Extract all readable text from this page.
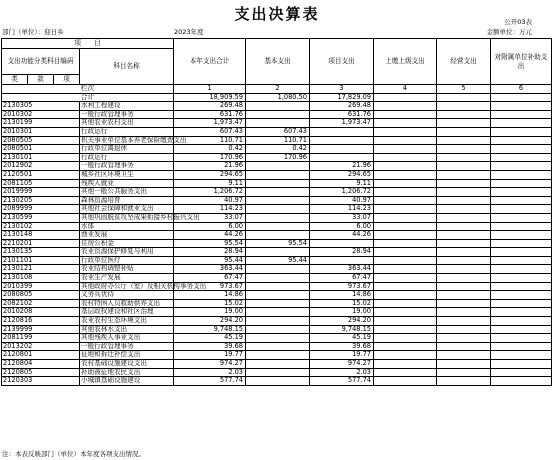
支出决算表	公开03表
部门（单位）：迎日乡	2023年度	金额单位：万元
项　　目				本年支出合计	基本支出	项目支出	上缴上级支出	经营支出	对附属单位补助支出
支出功能分类科目编码			科目名称						
类	款	项							
栏次				1	2	3	4	5	6
合计				18,909.59	1,080.50	17,829.09			
2130305			水利工程建设	269.48		269.48			
2010302			一般行政管理事务	631.76		631.76			
2130199			其他农业农村支出	1,973.47		1,973.47			
2010301			行政运行	607.43	607.43				
2080505			机关事业单位基本养老保险缴费支出	110.71	110.71				
2080501			行政单位离退休	0.42	0.42				
2130101			行政运行	170.96	170.96				
2012902			一般行政管理事务	21.96		21.96			
2120501			城乡社区环境卫生	294.65		294.65			
2081105			残疾人就业	9.11		9.11			
2019999			其他一般公共服务支出	1,206.72		1,206.72			
2130205			森林资源培育	40.97		40.97			
2089999			其他社会保障和就业支出	114.23		114.23			
2130599			其他巩固脱贫攻坚成果衔接乡村振兴支出	33.07		33.07			
2130102			水体	6.00		6.00			
2130148			渔业发展	44.26		44.26			
2210201			住房公积金	95.54	95.54				
2130135			农业资源保护修复与利用	28.94		28.94			
2101101			行政单位医疗	95.44	95.44				
2130121			农业结构调整补贴	363.44		363.44			
2130108			农业生产发展	67.47		67.47			
2010399			其他政府办公厅（室）及相关机构事务支出	973.67		973.67			
2080805			义务兵优待	14.86		14.86			
2082102			农村特困人员救助供养支出	15.02		15.02			
2010208			基层政权建设和社区治理	19.00		19.00			
2120816			农业农村生态环境支出	294.20		294.20			
2139999			其他农林水支出	9,748.15		9,748.15			
2081199			其他残疾人事业支出	45.19		45.19			
2013202			一般行政管理事务	39.68		39.68			
2120801			征地和拆迁补偿支出	19.77		19.77			
2120804			农村基础设施建设支出	974.27		974.27			
2120805			补助被征地农民支出	2.03		2.03			
2120303			小城镇基础设施建设	577.74		577.74			
注：本表反映部门（单位）本年度各项支出情况。
